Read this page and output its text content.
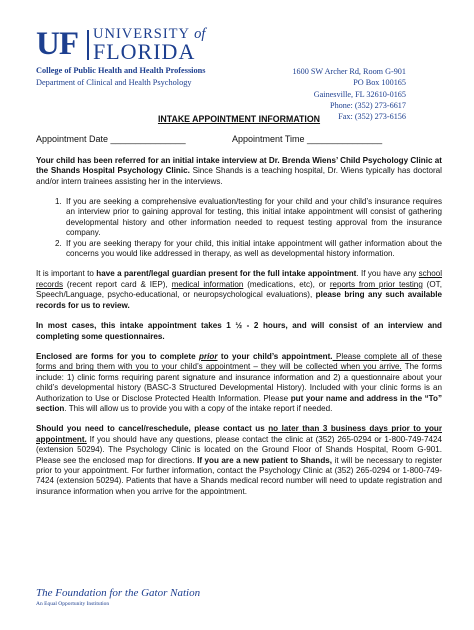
UF UNIVERSITY of
FLORIDA
College of Public Health and Health Professions
Department of Clinical and Health Psychology
1600 SW Archer Rd, Room G-901
PO Box 100165
Gainesville, FL 32610-0165
Phone: (352) 273-6617
Fax: (352) 273-6156
INTAKE APPOINTMENT INFORMATION
Appointment Date _______________	Appointment Time _______________

Your child has been referred for an initial intake interview at Dr. Brenda Wiens’ Child Psychology Clinic at the Shands Hospital Psychology Clinic. Since Shands is a teaching hospital, Dr. Wiens typically has doctoral and/or intern trainees assisting her in the interviews.

1. If you are seeking a comprehensive evaluation/testing for your child and your child’s insurance requires an interview prior to gaining approval for testing, this initial intake appointment will consist of gathering developmental history and other information needed to request testing approval from the insurance company.
2. If you are seeking therapy for your child, this initial intake appointment will gather information about the concerns you would like addressed in therapy, as well as developmental history information.

It is important to have a parent/legal guardian present for the full intake appointment. If you have any school records (recent report card & IEP), medical information (medications, etc), or reports from prior testing (OT, Speech/Language, psycho-educational, or neuropsychological evaluations), please bring any such available records for us to review.

In most cases, this intake appointment takes 1 ½ - 2 hours, and will consist of an interview and completing some questionnaires.

Enclosed are forms for you to complete prior to your child’s appointment. Please complete all of these forms and bring them with you to your child’s appointment – they will be collected when you arrive. The forms include: 1) clinic forms requiring parent signature and insurance information and 2) a questionnaire about your child’s developmental history (BASC-3 Structured Developmental History). Included with your clinic forms is an Authorization to Use or Disclose Protected Health Information. Please put your name and address in the “To” section. This will allow us to provide you with a copy of the intake report if needed.

Should you need to cancel/reschedule, please contact us no later than 3 business days prior to your appointment. If you should have any questions, please contact the clinic at (352) 265-0294 or 1-800-749-7424 (extension 50294). The Psychology Clinic is located on the Ground Floor of Shands Hospital, Room G-901. Please see the enclosed map for directions. If you are a new patient to Shands, it will be necessary to register prior to your appointment. For further information, contact the Psychology Clinic at (352) 265-0294 or 1-800-749-7424 (extension 50294). Patients that have a Shands medical record number will need to update registration and insurance information when you arrive for the appointment.

The Foundation for the Gator Nation
An Equal Opportunity Institution
